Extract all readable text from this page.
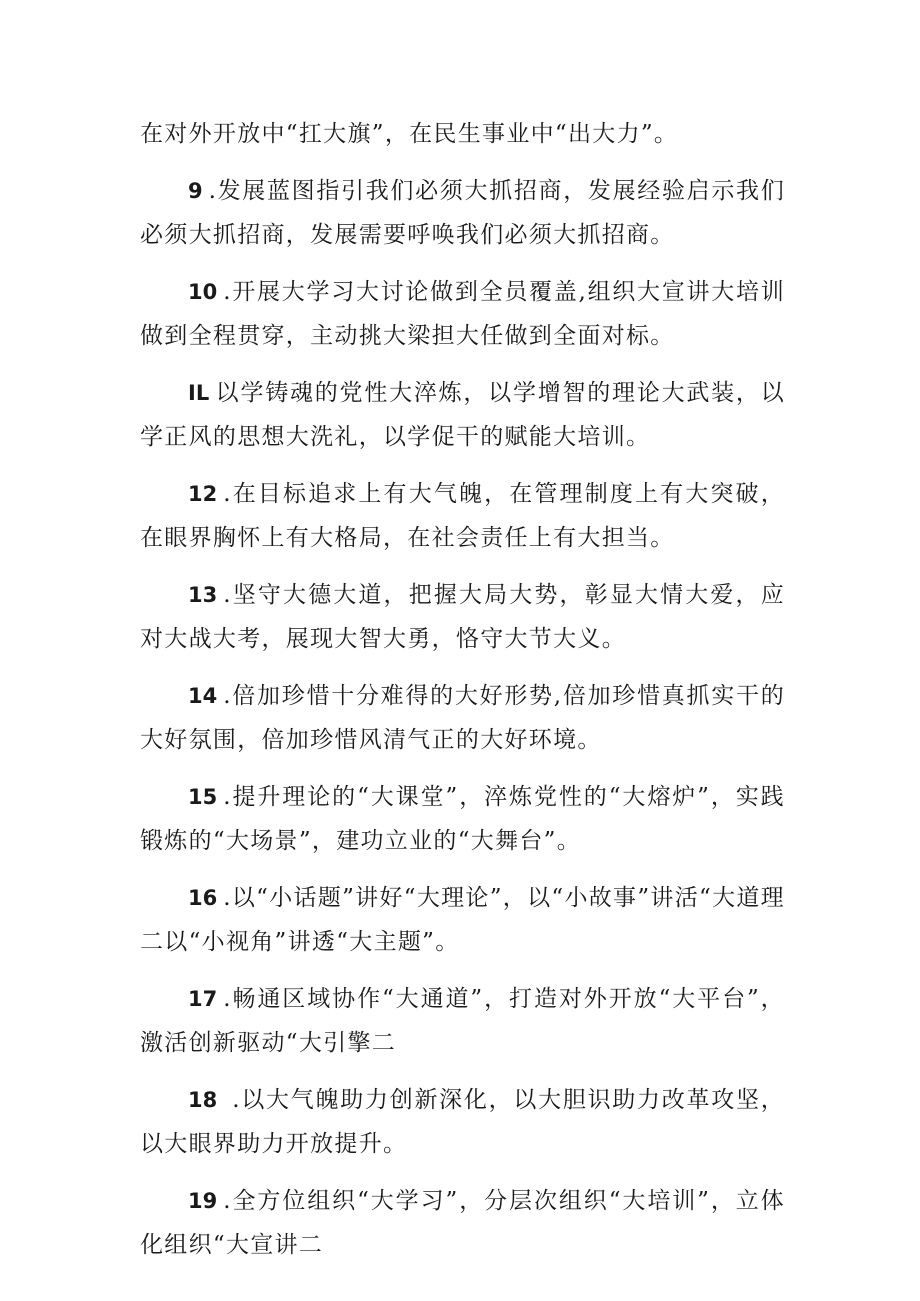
在对外开放中“扛大旗”，在民生事业中“出大力”。

9 .发展蓝图指引我们必须大抓招商，发展经验启示我们必须大抓招商，发展需要呼唤我们必须大抓招商。

10 .开展大学习大讨论做到全员覆盖,组织大宣讲大培训做到全程贯穿，主动挑大梁担大任做到全面对标。

IL 以学铸魂的党性大淬炼，以学增智的理论大武装，以学正风的思想大洗礼，以学促干的赋能大培训。

12 .在目标追求上有大气魄，在管理制度上有大突破，在眼界胸怀上有大格局，在社会责任上有大担当。

13 .坚守大德大道，把握大局大势，彰显大情大爱，应对大战大考，展现大智大勇，恪守大节大义。

14 .倍加珍惜十分难得的大好形势,倍加珍惜真抓实干的大好氛围，倍加珍惜风清气正的大好环境。

15 .提升理论的“大课堂”，淬炼党性的“大熔炉”，实践锻炼的“大场景”，建功立业的“大舞台”。

16 .以“小话题”讲好“大理论”，以“小故事”讲活“大道理二以“小视角”讲透“大主题”。

17 .畅通区域协作“大通道”，打造对外开放“大平台”，激活创新驱动“大引擎二

18 .以大气魄助力创新深化，以大胆识助力改革攻坚，以大眼界助力开放提升。

19 .全方位组织“大学习”，分层次组织“大培训”，立体化组织“大宣讲二
